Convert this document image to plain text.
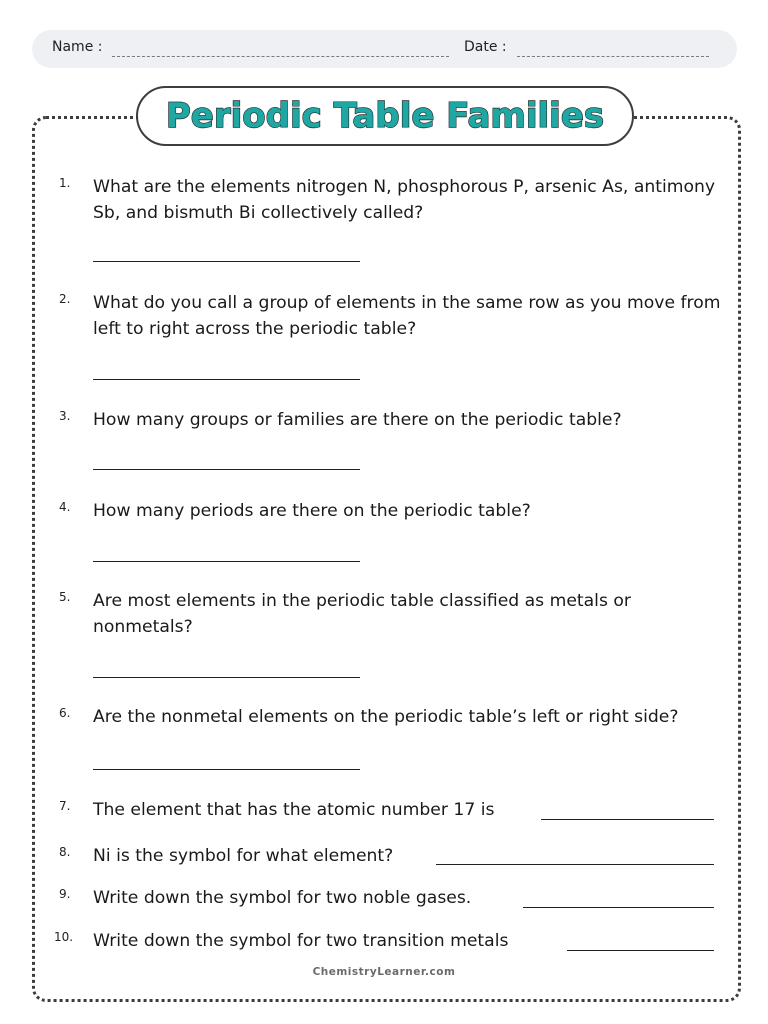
Name :	Date :
Periodic Table Families
1. What are the elements nitrogen N, phosphorous P, arsenic As, antimony Sb, and bismuth Bi collectively called?
2. What do you call a group of elements in the same row as you move from left to right across the periodic table?
3. How many groups or families are there on the periodic table?
4. How many periods are there on the periodic table?
5. Are most elements in the periodic table classified as metals or nonmetals?
6. Are the nonmetal elements on the periodic table’s left or right side?
7. The element that has the atomic number 17 is
8. Ni is the symbol for what element?
9. Write down the symbol for two noble gases.
10. Write down the symbol for two transition metals
ChemistryLearner.com
